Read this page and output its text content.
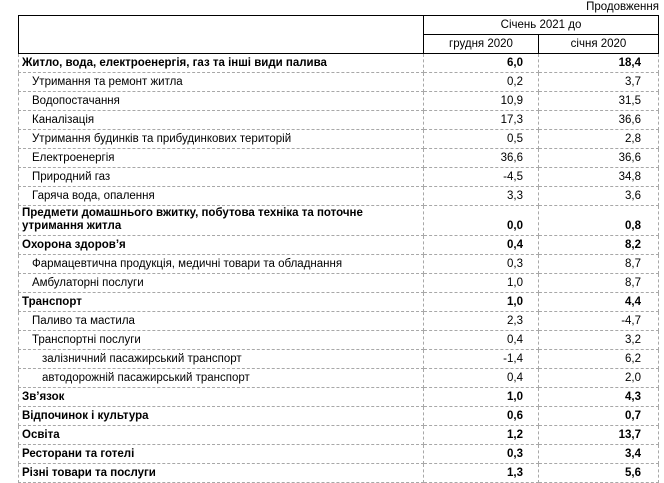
Продовження
	Січень 2021 до	
	грудня 2020	січня 2020
Житло, вода, електроенергія, газ та інші види палива	6,0	18,4
Утримання та ремонт житла	0,2	3,7
Водопостачання	10,9	31,5
Каналізація	17,3	36,6
Утримання будинків та прибудинкових територій	0,5	2,8
Електроенергія	36,6	36,6
Природний газ	-4,5	34,8
Гаряча вода, опалення	3,3	3,6
Предмети домашнього вжитку, побутова техніка та поточне утримання житла	0,0	0,8
Охорона здоров’я	0,4	8,2
Фармацевтична продукція, медичні товари та обладнання	0,3	8,7
Амбулаторні послуги	1,0	8,7
Транспорт	1,0	4,4
Паливо та мастила	2,3	-4,7
Транспортні послуги	0,4	3,2
залізничний пасажирський транспорт	-1,4	6,2
автодорожній пасажирський транспорт	0,4	2,0
Зв’язок	1,0	4,3
Відпочинок і культура	0,6	0,7
Освіта	1,2	13,7
Ресторани та готелі	0,3	3,4
Різні товари та послуги	1,3	5,6
